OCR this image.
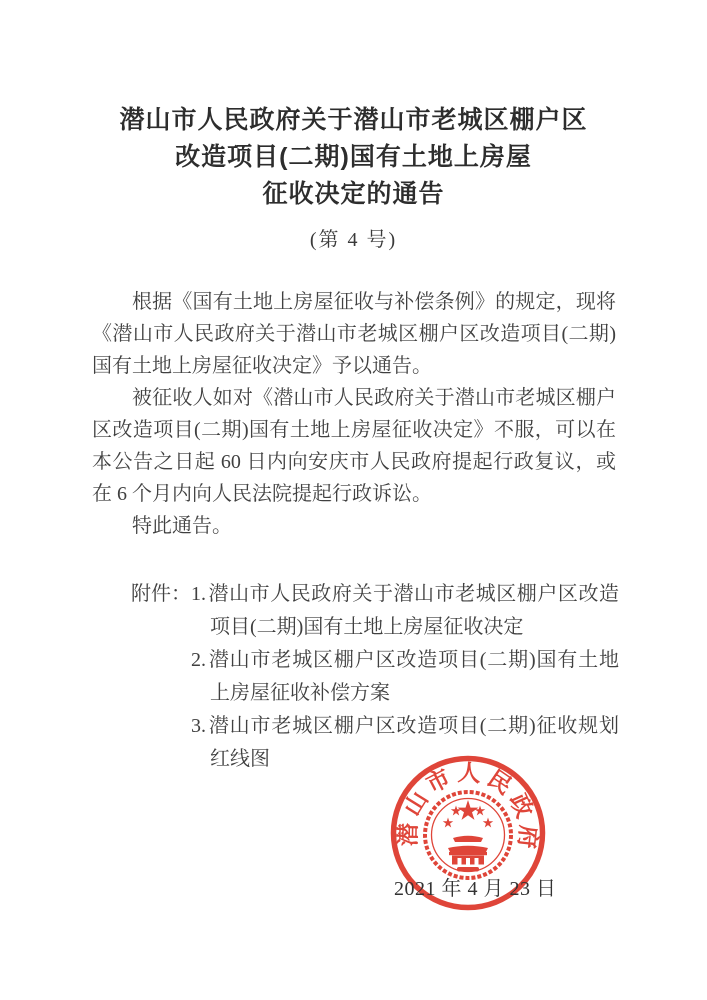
潜山市人民政府关于潜山市老城区棚户区
改造项目(二期)国有土地上房屋
征收决定的通告
(第 4 号)

根据《国有土地上房屋征收与补偿条例》的规定，现将《潜山市人民政府关于潜山市老城区棚户区改造项目(二期)国有土地上房屋征收决定》予以通告。

被征收人如对《潜山市人民政府关于潜山市老城区棚户区改造项目(二期)国有土地上房屋征收决定》不服，可以在本公告之日起 60 日内向安庆市人民政府提起行政复议，或在 6 个月内向人民法院提起行政诉讼。

特此通告。

附件： 1. 潜山市人民政府关于潜山市老城区棚户区改造项目(二期)国有土地上房屋征收决定
2. 潜山市老城区棚户区改造项目(二期)国有土地上房屋征收补偿方案
3. 潜山市老城区棚户区改造项目(二期)征收规划红线图
潜山市人民政府
2021 年 4 月 23 日
